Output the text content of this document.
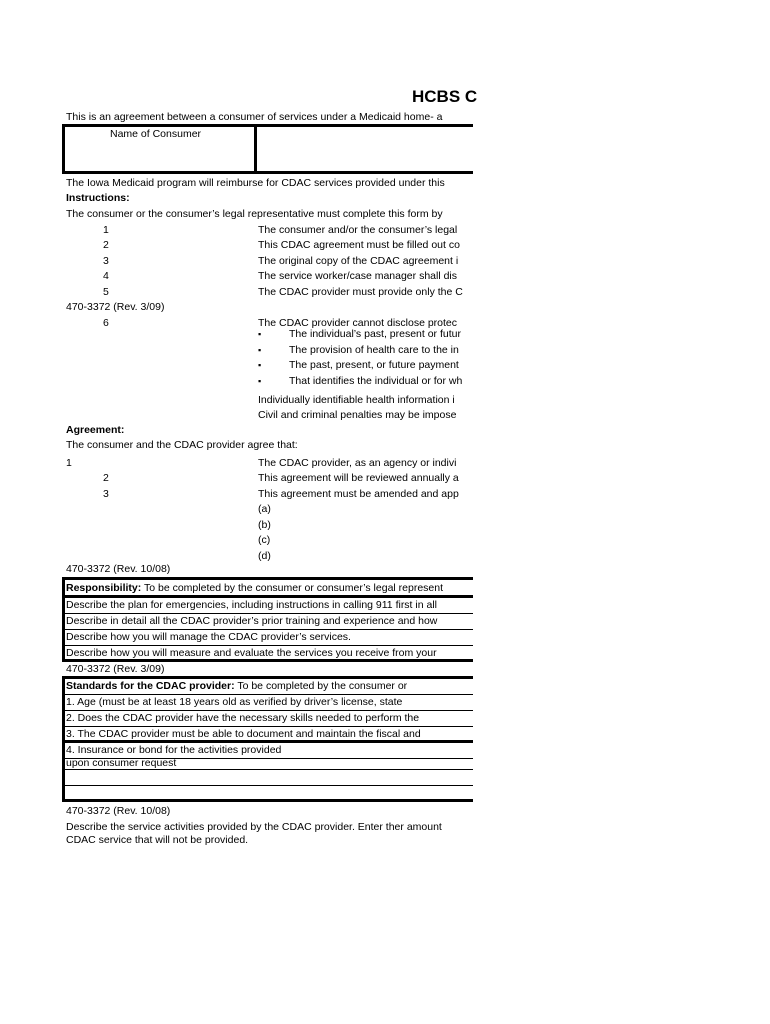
HCBS C
This is an agreement between a consumer of services under a Medicaid home- a
Name of Consumer
The Iowa Medicaid program will reimburse for CDAC services provided under this
Instructions:
The consumer or the consumer’s legal representative must complete this form by
1	The consumer and/or the consumer’s legal
2	This CDAC agreement must be filled out co
3	The original copy of the CDAC agreement i
4	The service worker/case manager shall dis
5	The CDAC provider must provide only the C
470-3372 (Rev. 3/09)
6	The CDAC provider cannot disclose protec
▪	The individual’s past, present or futur
▪	The provision of health care to the in
▪	The past, present, or future payment
▪	That identifies the individual or for wh
Individually identifiable health information i
Civil and criminal penalties may be impose
Agreement:
The consumer and the CDAC provider agree that:
1	The CDAC provider, as an agency or indivi
2	This agreement will be reviewed annually a
3	This agreement must be amended and app
(a)
(b)
(c)
(d)
470-3372 (Rev. 10/08)
Responsibility: To be completed by the consumer or consumer’s legal represent
Describe the plan for emergencies, including instructions in calling 911 first in all
Describe in detail all the CDAC provider’s prior training and experience and how
Describe how you will manage the CDAC provider’s services.
Describe how you will measure and evaluate the services you receive from your
470-3372 (Rev. 3/09)
Standards for the CDAC provider: To be completed by the consumer or
1. Age (must be at least 18 years old as verified by driver’s license, state
2. Does the CDAC provider have the necessary skills needed to perform the
3. The CDAC provider must be able to document and maintain the fiscal and
4. Insurance or bond for the activities provided
upon consumer request
470-3372 (Rev. 10/08)
Describe the service activities provided by the CDAC provider. Enter ther amount
CDAC service that will not be provided.
